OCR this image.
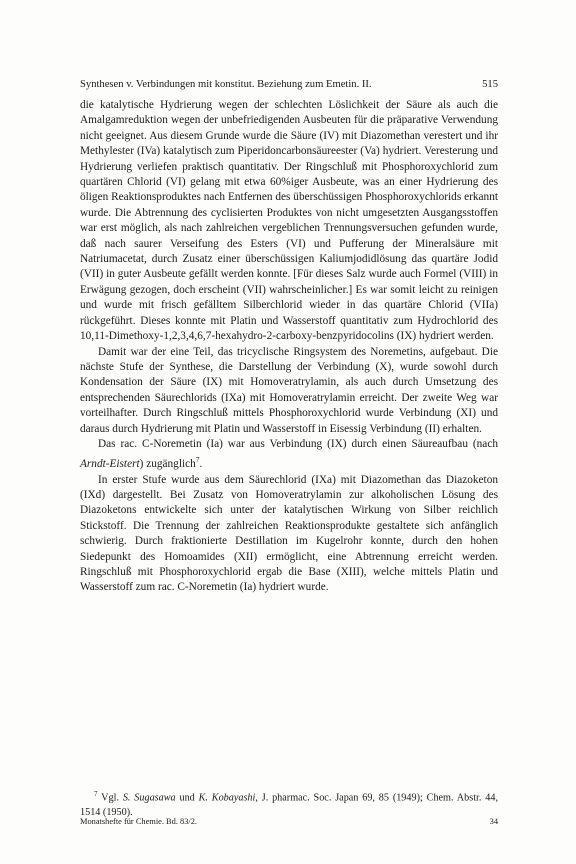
Synthesen v. Verbindungen mit konstitut. Beziehung zum Emetin. II.	515

die katalytische Hydrierung wegen der schlechten Löslichkeit der Säure als auch die Amalgamreduktion wegen der unbefriedigenden Ausbeuten für die präparative Verwendung nicht geeignet. Aus diesem Grunde wurde die Säure (IV) mit Diazomethan verestert und ihr Methylester (IVa) katalytisch zum Piperidoncarbonsäureester (Va) hydriert. Veresterung und Hydrierung verliefen praktisch quantitativ. Der Ringschluß mit Phosphoroxychlorid zum quartären Chlorid (VI) gelang mit etwa 60%iger Ausbeute, was an einer Hydrierung des öligen Reaktionsproduktes nach Entfernen des überschüssigen Phosphoroxychlorids erkannt wurde. Die Abtrennung des cyclisierten Produktes von nicht umgesetzten Ausgangsstoffen war erst möglich, als nach zahlreichen vergeblichen Trennungsversuchen gefunden wurde, daß nach saurer Verseifung des Esters (VI) und Pufferung der Mineralsäure mit Natriumacetat, durch Zusatz einer überschüssigen Kaliumjodidlösung das quartäre Jodid (VII) in guter Ausbeute gefällt werden konnte. [Für dieses Salz wurde auch Formel (VIII) in Erwägung gezogen, doch erscheint (VII) wahrscheinlicher.] Es war somit leicht zu reinigen und wurde mit frisch gefälltem Silberchlorid wieder in das quartäre Chlorid (VIIa) rückgeführt. Dieses konnte mit Platin und Wasserstoff quantitativ zum Hydrochlorid des 10,11-Dimethoxy-1,2,3,4,6,7-hexahydro-2-carboxy-benzpyridocolins (IX) hydriert werden.

Damit war der eine Teil, das tricyclische Ringsystem des Noremetins, aufgebaut. Die nächste Stufe der Synthese, die Darstellung der Verbindung (X), wurde sowohl durch Kondensation der Säure (IX) mit Homoveratrylamin, als auch durch Umsetzung des entsprechenden Säurechlorids (IXa) mit Homoveratrylamin erreicht. Der zweite Weg war vorteilhafter. Durch Ringschluß mittels Phosphoroxychlorid wurde Verbindung (XI) und daraus durch Hydrierung mit Platin und Wasserstoff in Eisessig Verbindung (II) erhalten.

Das rac. C-Noremetin (Ia) war aus Verbindung (IX) durch einen Säureaufbau (nach Arndt-Eistert) zugänglich$^7$.

In erster Stufe wurde aus dem Säurechlorid (IXa) mit Diazomethan das Diazoketon (IXd) dargestellt. Bei Zusatz von Homoveratrylamin zur alkoholischen Lösung des Diazoketons entwickelte sich unter der katalytischen Wirkung von Silber reichlich Stickstoff. Die Trennung der zahlreichen Reaktionsprodukte gestaltete sich anfänglich schwierig. Durch fraktionierte Destillation im Kugelrohr konnte, durch den hohen Siedepunkt des Homoamides (XII) ermöglicht, eine Abtrennung erreicht werden. Ringschluß mit Phosphoroxychlorid ergab die Base (XIII), welche mittels Platin und Wasserstoff zum rac. C-Noremetin (Ia) hydriert wurde.

$^7$ Vgl. S. Sugasawa und K. Kobayashi, J. pharmac. Soc. Japan 69, 85 (1949); Chem. Abstr. 44, 1514 (1950).
Monatshefte für Chemie. Bd. 83/2.	34
